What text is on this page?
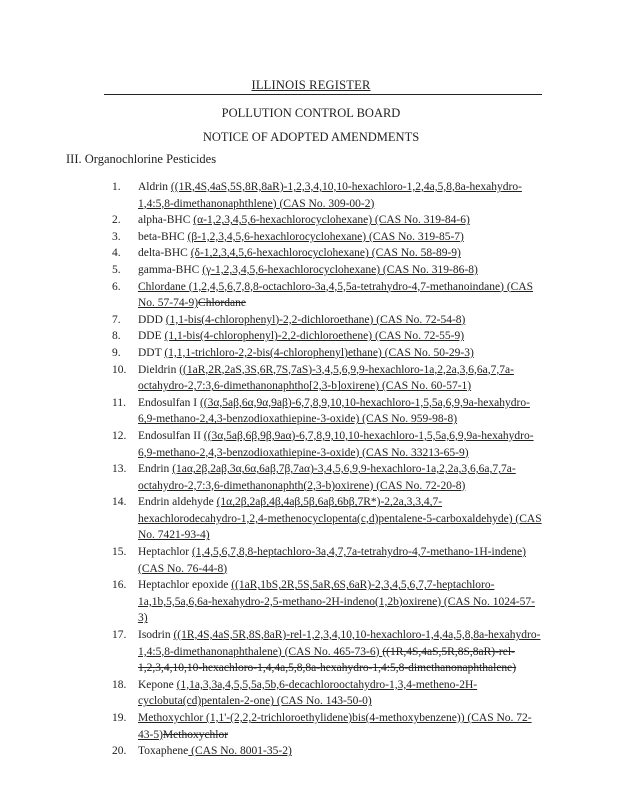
ILLINOIS REGISTER
POLLUTION CONTROL BOARD
NOTICE OF ADOPTED AMENDMENTS
III. Organochlorine Pesticides
1.	Aldrin ((1R,4S,4aS,5S,8R,8aR)-1,2,3,4,10,10-hexachloro-1,2,4a,5,8,8a-hexahydro-1,4:5,8-dimethanonaphthlene) (CAS No. 309-00-2)
2.	alpha-BHC (α-1,2,3,4,5,6-hexachlorocyclohexane) (CAS No. 319-84-6)
3.	beta-BHC (β-1,2,3,4,5,6-hexachlorocyclohexane) (CAS No. 319-85-7)
4.	delta-BHC (δ-1,2,3,4,5,6-hexachlorocyclohexane) (CAS No. 58-89-9)
5.	gamma-BHC (γ-1,2,3,4,5,6-hexachlorocyclohexane) (CAS No. 319-86-8)
6.	Chlordane (1,2,4,5,6,7,8,8-octachloro-3a,4,5,5a-tetrahydro-4,7-methanoindane) (CAS No. 57-74-9)Chlordane
7.	DDD (1,1-bis(4-chlorophenyl)-2,2-dichloroethane) (CAS No. 72-54-8)
8.	DDE (1,1-bis(4-chlorophenyl)-2,2-dichloroethene) (CAS No. 72-55-9)
9.	DDT (1,1,1-trichloro-2,2-bis(4-chlorophenyl)ethane) (CAS No. 50-29-3)
10.	Dieldrin ((1aR,2R,2aS,3S,6R,7S,7aS)-3,4,5,6,9,9-hexachloro-1a,2,2a,3,6,6a,7,7a-octahydro-2,7:3,6-dimethanonaphtho[2,3-b]oxirene) (CAS No. 60-57-1)
11.	Endosulfan I ((3α,5aβ,6α,9α,9aβ)-6,7,8,9,10,10-hexachloro-1,5,5a,6,9,9a-hexahydro-6,9-methano-2,4,3-benzodioxathiepine-3-oxide) (CAS No. 959-98-8)
12.	Endosulfan II ((3α,5aβ,6β,9β,9aα)-6,7,8,9,10,10-hexachloro-1,5,5a,6,9,9a-hexahydro-6,9-methano-2,4,3-benzodioxathiepine-3-oxide) (CAS No. 33213-65-9)
13.	Endrin (1aα,2β,2aβ,3α,6α,6aβ,7β,7aα)-3,4,5,6,9,9-hexachloro-1a,2,2a,3,6,6a,7,7a-octahydro-2,7:3,6-dimethanonaphth(2,3-b)oxirene) (CAS No. 72-20-8)
14.	Endrin aldehyde (1α,2β,2aβ,4β,4aβ,5β,6aβ,6bβ,7R*)-2,2a,3,3,4,7-hexachlorodecahydro-1,2,4-methenocyclopenta(c,d)pentalene-5-carboxaldehyde) (CAS No. 7421-93-4)
15.	Heptachlor (1,4,5,6,7,8,8-heptachloro-3a,4,7,7a-tetrahydro-4,7-methano-1H-indene) (CAS No. 76-44-8)
16.	Heptachlor epoxide ((1aR,1bS,2R,5S,5aR,6S,6aR)-2,3,4,5,6,7,7-heptachloro-1a,1b,5,5a,6,6a-hexahydro-2,5-methano-2H-indeno(1,2b)oxirene) (CAS No. 1024-57-3)
17.	Isodrin ((1R,4S,4aS,5R,8S,8aR)-rel-1,2,3,4,10,10-hexachloro-1,4,4a,5,8,8a-hexahydro-1,4:5,8-dimethanonaphthalene) (CAS No. 465-73-6) ((1R,4S,4aS,5R,8S,8aR)-rel-1,2,3,4,10,10-hexachloro-1,4,4a,5,8,8a-hexahydro-1,4:5,8-dimethanonaphthalene)
18.	Kepone (1,1a,3,3a,4,5,5,5a,5b,6-decachlorooctahydro-1,3,4-metheno-2H-cyclobuta(cd)pentalen-2-one) (CAS No. 143-50-0)
19.	Methoxychlor (1,1'-(2,2,2-trichloroethylidene)bis(4-methoxybenzene)) (CAS No. 72-43-5)Methoxychlor
20.	Toxaphene (CAS No. 8001-35-2)
